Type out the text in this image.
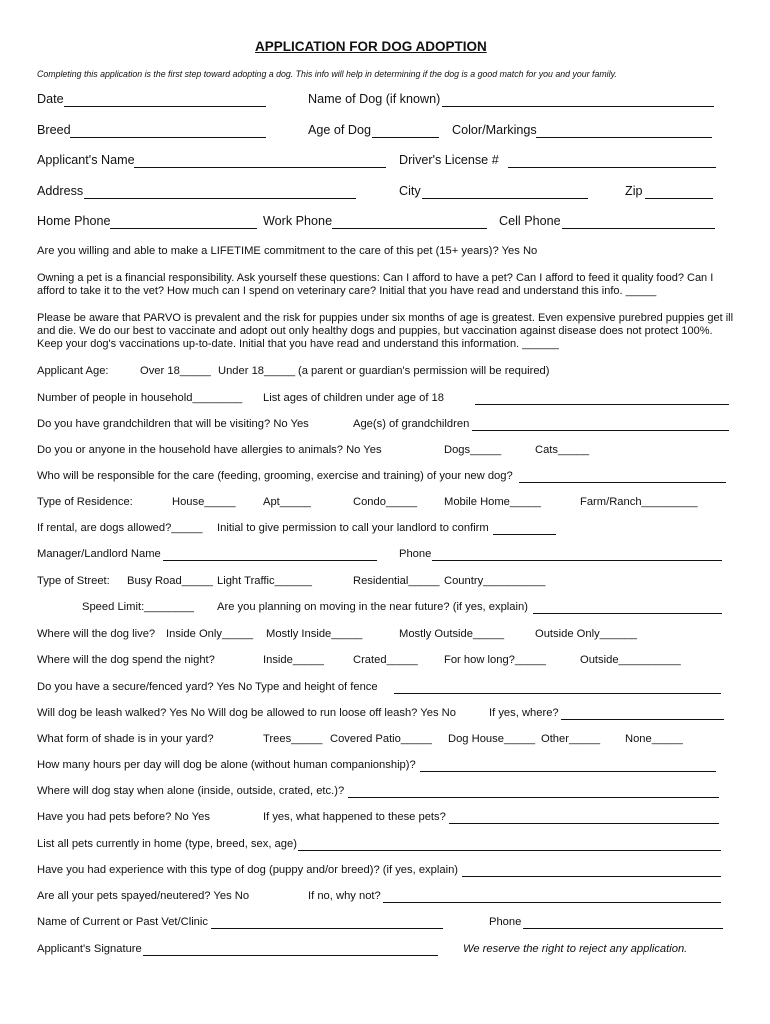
APPLICATION FOR DOG ADOPTION
Completing this application is the first step toward adopting a dog. This info will help in determining if the dog is a good match for you and your family.
Date	Name of Dog (if known)
Breed	Age of Dog	Color/Markings
Applicant's Name	Driver's License #
Address	City	Zip
Home Phone	Work Phone	Cell Phone
Are you willing and able to make a LIFETIME commitment to the care of this pet (15+ years)? Yes No
Owning a pet is a financial responsibility. Ask yourself these questions: Can I afford to have a pet? Can I afford to feed it quality food? Can I afford to take it to the vet? How much can I spend on veterinary care? Initial that you have read and understand this info. _____
Please be aware that PARVO is prevalent and the risk for puppies under six months of age is greatest. Even expensive purebred puppies get ill and die. We do our best to vaccinate and adopt out only healthy dogs and puppies, but vaccination against disease does not protect 100%. Keep your dog's vaccinations up-to-date. Initial that you have read and understand this information. ______
Applicant Age:	Over 18_____ Under 18_____ (a parent or guardian's permission will be required)
Number of people in household________ List ages of children under age of 18
Do you have grandchildren that will be visiting? No Yes	Age(s) of grandchildren
Do you or anyone in the household have allergies to animals? No Yes	Dogs_____	Cats_____
Who will be responsible for the care (feeding, grooming, exercise and training) of your new dog?
Type of Residence:	House_____ Apt_____	Condo_____ Mobile Home_____	Farm/Ranch_________
If rental, are dogs allowed?_____ Initial to give permission to call your landlord to confirm
Manager/Landlord Name	Phone
Type of Street: Busy Road_____ Light Traffic______	Residential_____ Country__________
Speed Limit:________ Are you planning on moving in the near future? (if yes, explain)
Where will the dog live? Inside Only_____ Mostly Inside_____	Mostly Outside_____	Outside Only______
Where will the dog spend the night?	Inside_____	Crated_____ For how long?_____	Outside__________
Do you have a secure/fenced yard? Yes No Type and height of fence
Will dog be leash walked? Yes No Will dog be allowed to run loose off leash? Yes No	If yes, where?
What form of shade is in your yard?	Trees_____ Covered Patio_____ Dog House_____ Other_____ None_____
How many hours per day will dog be alone (without human companionship)?
Where will dog stay when alone (inside, outside, crated, etc.)?
Have you had pets before? No Yes	If yes, what happened to these pets?
List all pets currently in home (type, breed, sex, age)
Have you had experience with this type of dog (puppy and/or breed)? (if yes, explain)
Are all your pets spayed/neutered? Yes No	If no, why not?
Name of Current or Past Vet/Clinic	Phone
Applicant's Signature	We reserve the right to reject any application.
